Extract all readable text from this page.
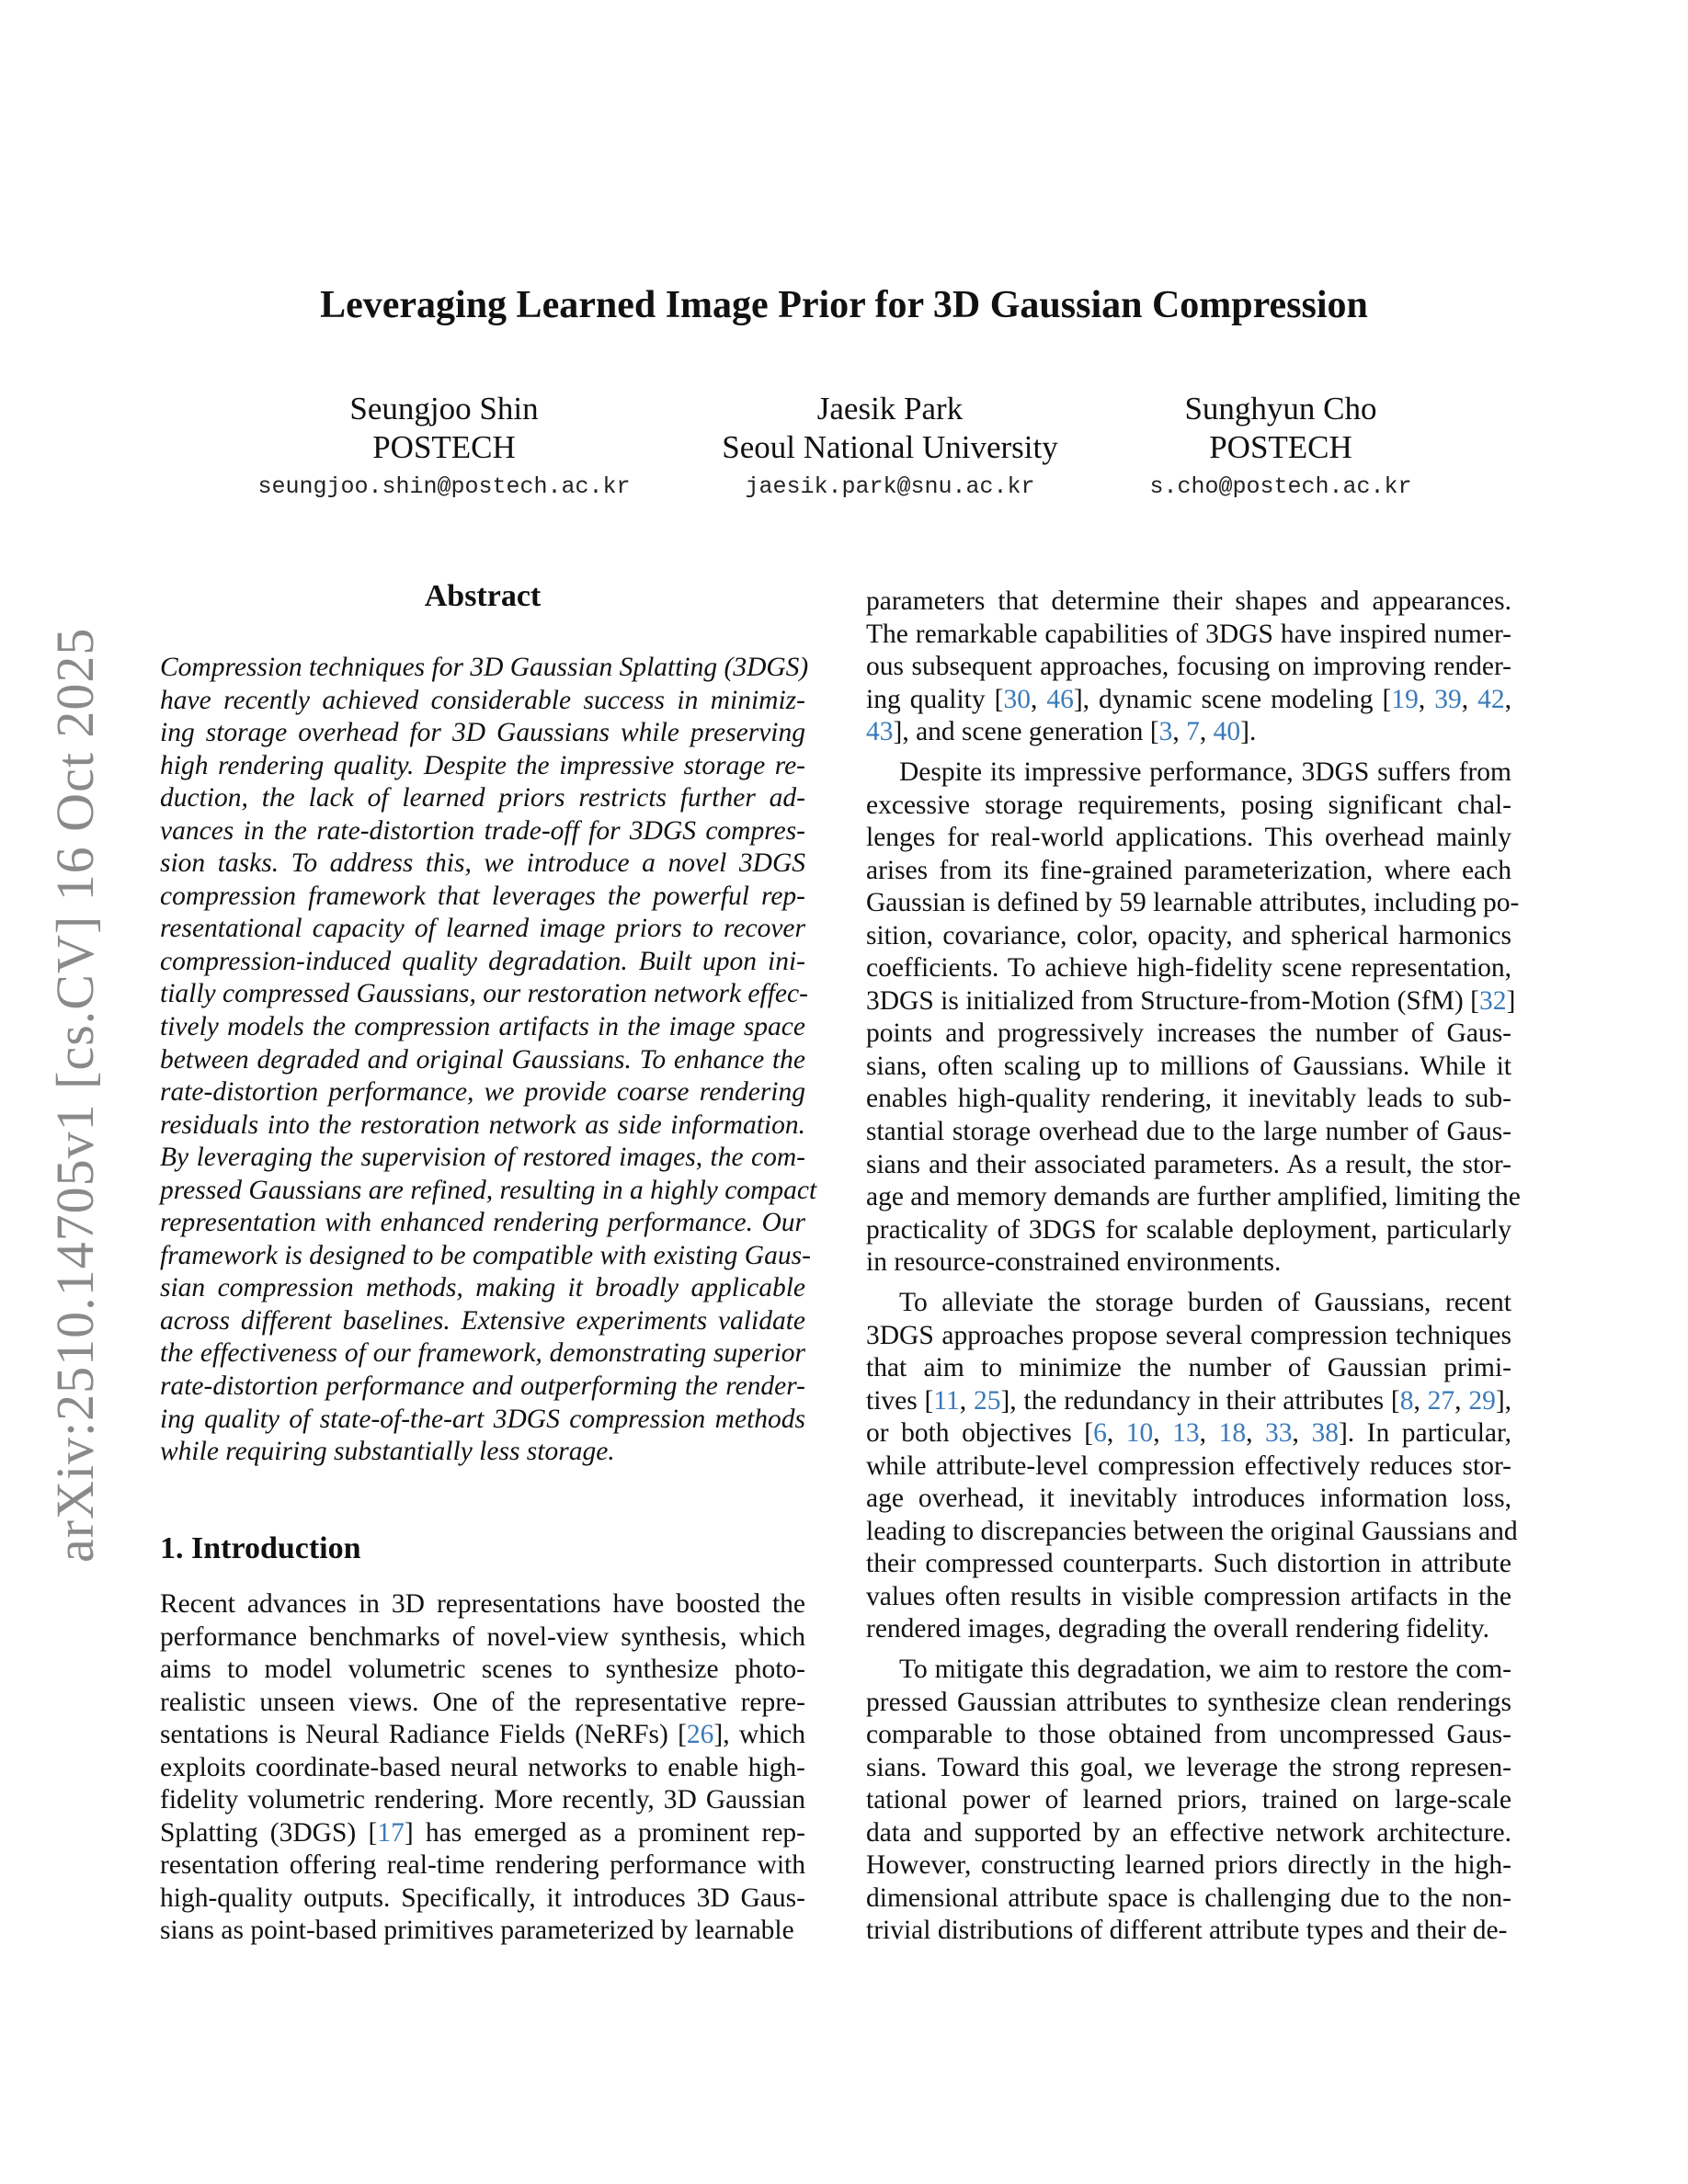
arXiv:2510.14705v1 [cs.CV] 16 Oct 2025
Leveraging Learned Image Prior for 3D Gaussian Compression
Seungjoo Shin
POSTECH
seungjoo.shin@postech.ac.kr
Jaesik Park
Seoul National University
jaesik.park@snu.ac.kr
Sunghyun Cho
POSTECH
s.cho@postech.ac.kr
Abstract
Compression techniques for 3D Gaussian Splatting (3DGS)
have recently achieved considerable success in minimiz-
ing storage overhead for 3D Gaussians while preserving
high rendering quality. Despite the impressive storage re-
duction, the lack of learned priors restricts further ad-
vances in the rate-distortion trade-off for 3DGS compres-
sion tasks. To address this, we introduce a novel 3DGS
compression framework that leverages the powerful rep-
resentational capacity of learned image priors to recover
compression-induced quality degradation. Built upon ini-
tially compressed Gaussians, our restoration network effec-
tively models the compression artifacts in the image space
between degraded and original Gaussians. To enhance the
rate-distortion performance, we provide coarse rendering
residuals into the restoration network as side information.
By leveraging the supervision of restored images, the com-
pressed Gaussians are refined, resulting in a highly compact
representation with enhanced rendering performance. Our
framework is designed to be compatible with existing Gaus-
sian compression methods, making it broadly applicable
across different baselines. Extensive experiments validate
the effectiveness of our framework, demonstrating superior
rate-distortion performance and outperforming the render-
ing quality of state-of-the-art 3DGS compression methods
while requiring substantially less storage.
1. Introduction
Recent advances in 3D representations have boosted the
performance benchmarks of novel-view synthesis, which
aims to model volumetric scenes to synthesize photo-
realistic unseen views. One of the representative repre-
sentations is Neural Radiance Fields (NeRFs) [26], which
exploits coordinate-based neural networks to enable high-
fidelity volumetric rendering. More recently, 3D Gaussian
Splatting (3DGS) [17] has emerged as a prominent rep-
resentation offering real-time rendering performance with
high-quality outputs. Specifically, it introduces 3D Gaus-
sians as point-based primitives parameterized by learnable
parameters that determine their shapes and appearances.
The remarkable capabilities of 3DGS have inspired numer-
ous subsequent approaches, focusing on improving render-
ing quality [30, 46], dynamic scene modeling [19, 39, 42,
43], and scene generation [3, 7, 40].
Despite its impressive performance, 3DGS suffers from
excessive storage requirements, posing significant chal-
lenges for real-world applications. This overhead mainly
arises from its fine-grained parameterization, where each
Gaussian is defined by 59 learnable attributes, including po-
sition, covariance, color, opacity, and spherical harmonics
coefficients. To achieve high-fidelity scene representation,
3DGS is initialized from Structure-from-Motion (SfM) [32]
points and progressively increases the number of Gaus-
sians, often scaling up to millions of Gaussians. While it
enables high-quality rendering, it inevitably leads to sub-
stantial storage overhead due to the large number of Gaus-
sians and their associated parameters. As a result, the stor-
age and memory demands are further amplified, limiting the
practicality of 3DGS for scalable deployment, particularly
in resource-constrained environments.
To alleviate the storage burden of Gaussians, recent
3DGS approaches propose several compression techniques
that aim to minimize the number of Gaussian primi-
tives [11, 25], the redundancy in their attributes [8, 27, 29],
or both objectives [6, 10, 13, 18, 33, 38]. In particular,
while attribute-level compression effectively reduces stor-
age overhead, it inevitably introduces information loss,
leading to discrepancies between the original Gaussians and
their compressed counterparts. Such distortion in attribute
values often results in visible compression artifacts in the
rendered images, degrading the overall rendering fidelity.
To mitigate this degradation, we aim to restore the com-
pressed Gaussian attributes to synthesize clean renderings
comparable to those obtained from uncompressed Gaus-
sians. Toward this goal, we leverage the strong represen-
tational power of learned priors, trained on large-scale
data and supported by an effective network architecture.
However, constructing learned priors directly in the high-
dimensional attribute space is challenging due to the non-
trivial distributions of different attribute types and their de-
